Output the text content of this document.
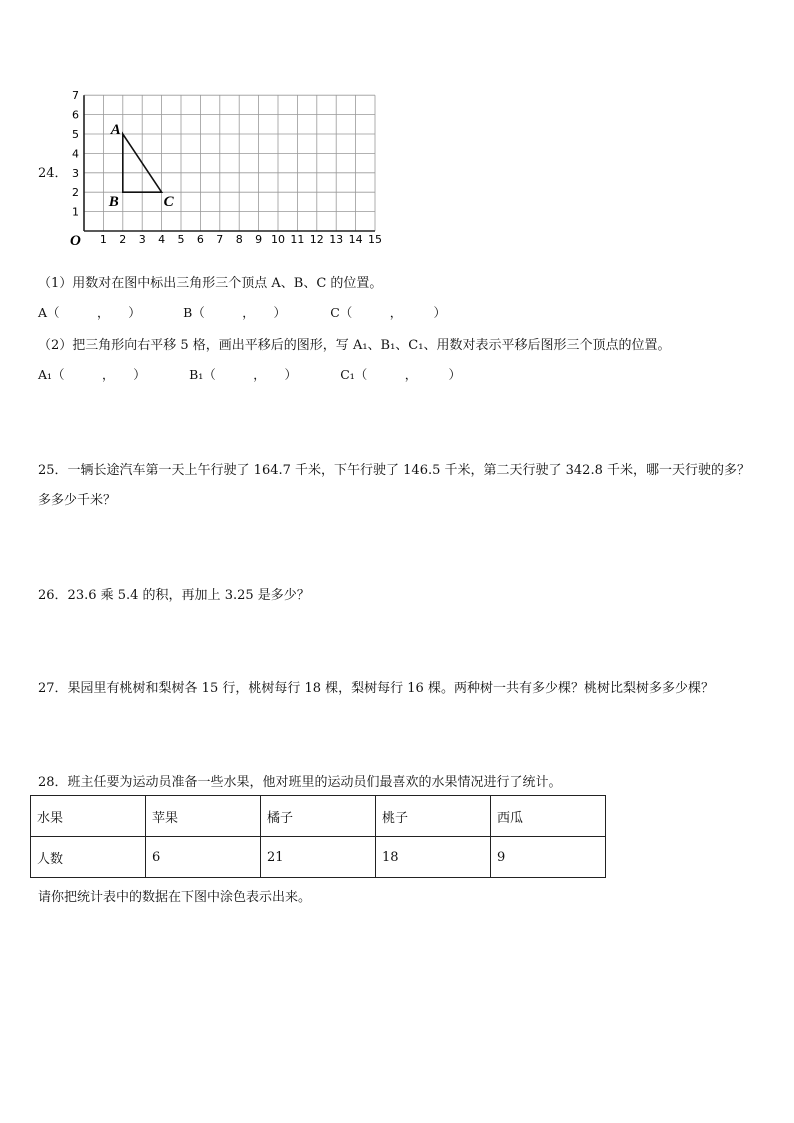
24．
1 2 3 4 5 6 7 8 9 10 11 12 13 14 15
1
2
3
4
5
6
7
O
A
B	C
（1）用数对在图中标出三角形三个顶点 A、B、C 的位置。
A（　　　，　　）	B（　　　，　　）	C（　　　，　　　）
（2）把三角形向右平移 5 格，画出平移后的图形，写 A₁、B₁、C₁、用数对表示平移后图形三个顶点的位置。
A₁（　　　，　　）	B₁（　　　，　　）	C₁（　　　，　　　）
25．一辆长途汽车第一天上午行驶了 164.7 千米，下午行驶了 146.5 千米，第二天行驶了 342.8 千米，哪一天行驶的多？
多多少千米？
26．23.6 乘 5.4 的积，再加上 3.25 是多少？
27．果园里有桃树和梨树各 15 行，桃树每行 18 棵，梨树每行 16 棵。两种树一共有多少棵？桃树比梨树多多少棵？
28．班主任要为运动员准备一些水果，他对班里的运动员们最喜欢的水果情况进行了统计。
水果	苹果	橘子	桃子	西瓜
人数	6	21	18	9
请你把统计表中的数据在下图中涂色表示出来。
